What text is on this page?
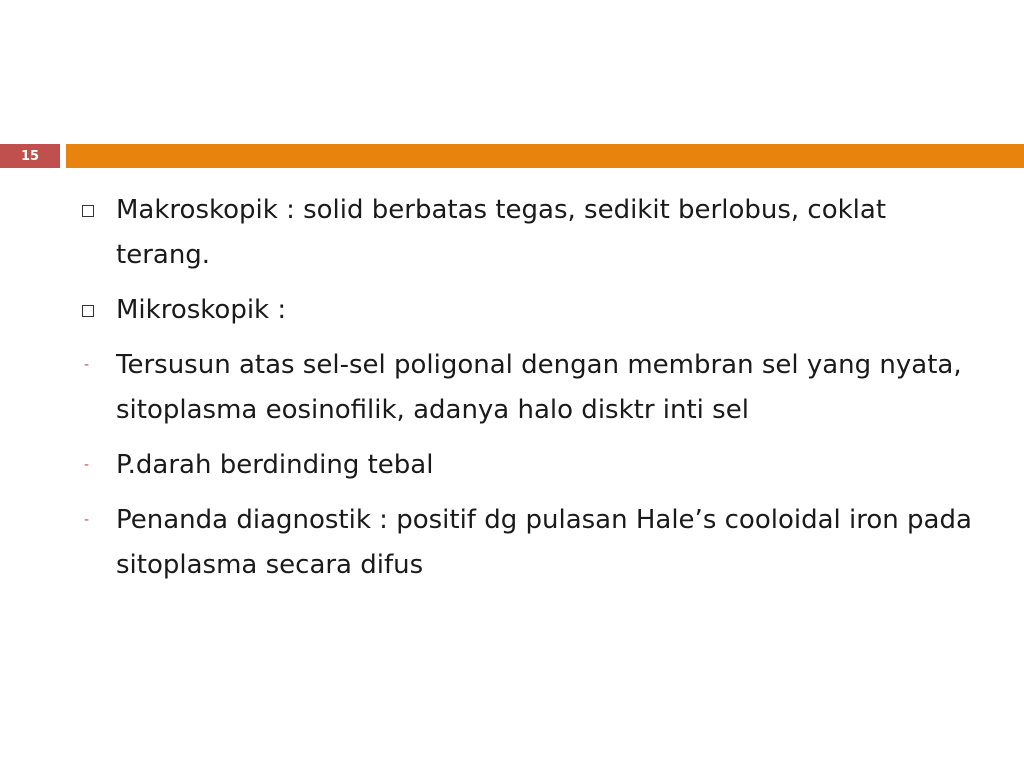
15
Makroskopik : solid berbatas tegas, sedikit berlobus, coklat terang.
Mikroskopik :
- Tersusun atas sel-sel poligonal dengan membran sel yang nyata, sitoplasma eosinofilik, adanya halo disktr inti sel
- P.darah berdinding tebal
- Penanda diagnostik : positif dg pulasan Hale’s cooloidal iron pada sitoplasma secara difus
